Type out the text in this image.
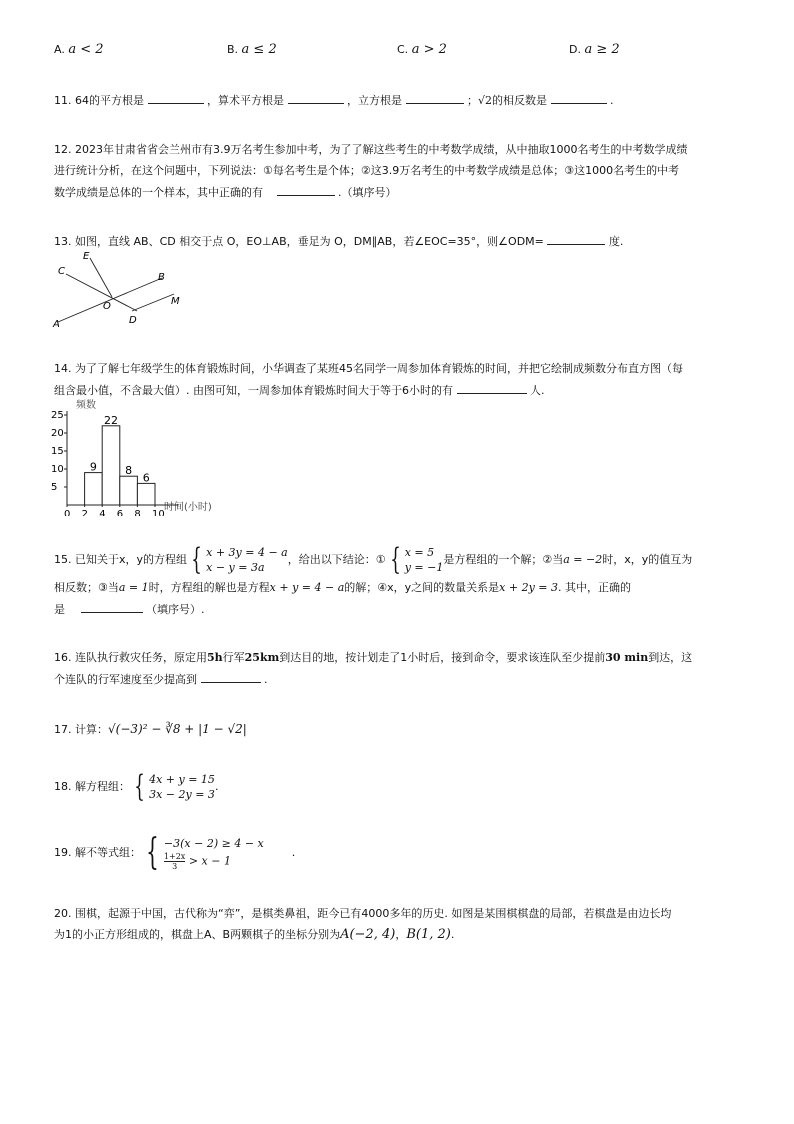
A. a < 2	B. a ≤ 2	C. a > 2	D. a ≥ 2
11. 64的平方根是	，算术平方根是	，立方根是	；√2的相反数是	.
12. 2023年甘肃省省会兰州市有3.9万名考生参加中考，为了了解这些考生的中考数学成绩，从中抽取1000名考生的中考数学成绩
进行统计分析，在这个问题中，下列说法：①每名考生是个体；②这3.9万名考生的中考数学成绩是总体；③这1000名考生的中考
数学成绩是总体的一个样本，其中正确的有	.（填序号）
13. 如图，直线 AB、CD 相交于点 O，EO⊥AB，垂足为 O，DM∥AB，若∠EOC=35°，则∠ODM=	度.
C
E
B
O	M
A	D
14. 为了了解七年级学生的体育锻炼时间，小华调查了某班45名同学一周参加体育锻炼的时间，并把它绘制成频数分布直方图（每
组含最小值，不含最大值）. 由图可知，一周参加体育锻炼时间大于等于6小时的有	人.
频数
时间(小时)
5
10
15
20
25
0 2 4 6 8 10
9
22
8
6
15. 已知关于x，y的方程组 { x + 3y = 4 − a
x − y = 3a，给出以下结论：① { x = 5
y = −1是方程组的一个解；②当a = −2时，x，y的值互为
相反数；③当a = 1时，方程组的解也是方程x + y = 4 − a的解；④x，y之间的数量关系是x + 2y = 3. 其中，正确的
是	（填序号）.
16. 连队执行救灾任务，原定用5h行军25km到达目的地，按计划走了1小时后，接到命令，要求该连队至少提前30 min到达，这
个连队的行军速度至少提高到	.
17. 计算：√(−3)² − ∛8 + |1 − √2|
18. 解方程组： { 4x + y = 15
3x − 2y = 3.
19. 解不等式组： { −3(x − 2) ≥ 4 − x

$\frac{1+2x}{3} > x - 1$.
20. 围棋，起源于中国，古代称为“弈”，是棋类鼻祖，距今已有4000多年的历史. 如图是某围棋棋盘的局部，若棋盘是由边长均
为1的小正方形组成的，棋盘上A、B两颗棋子的坐标分别为A(−2, 4)，B(1, 2).
